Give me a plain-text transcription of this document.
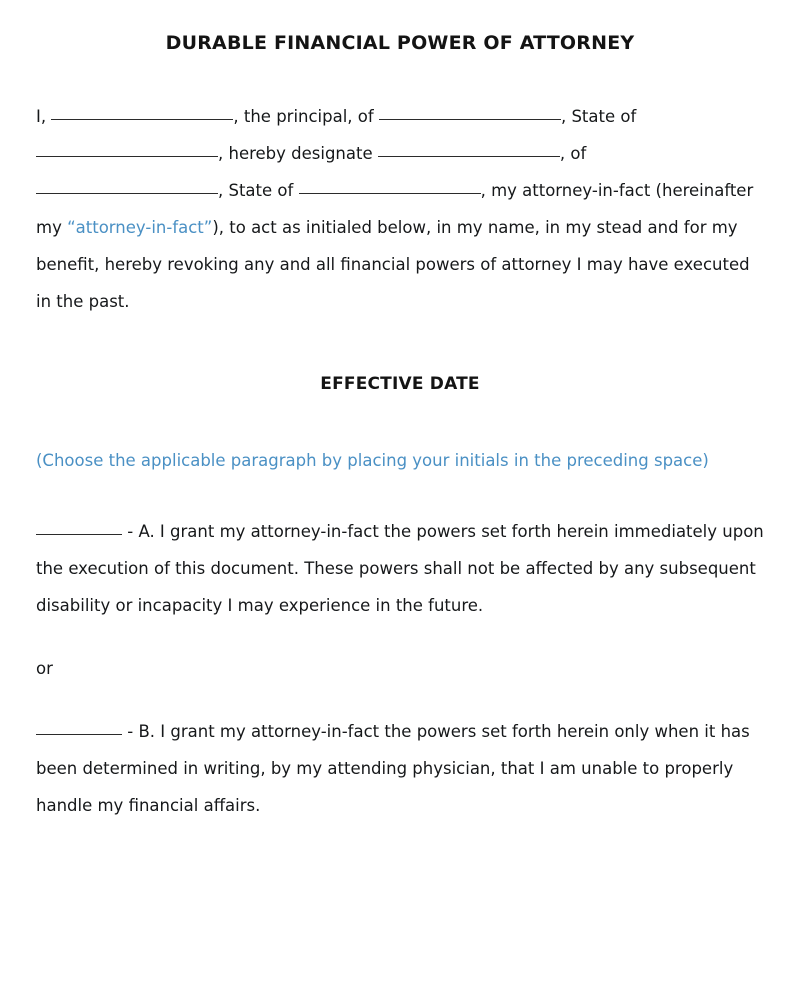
DURABLE FINANCIAL POWER OF ATTORNEY
I,	, the principal, of	, State of , hereby designate	, of , State of	, my attorney-in-fact (hereinafter my “attorney-in-fact”), to act as initialed below, in my name, in my stead and for my benefit, hereby revoking any and all financial powers of attorney I may have executed in the past.
EFFECTIVE DATE
(Choose the applicable paragraph by placing your initials in the preceding space)
- A. I grant my attorney-in-fact the powers set forth herein immediately upon the execution of this document. These powers shall not be affected by any subsequent disability or incapacity I may experience in the future.
or
- B. I grant my attorney-in-fact the powers set forth herein only when it has been determined in writing, by my attending physician, that I am unable to properly handle my financial affairs.
